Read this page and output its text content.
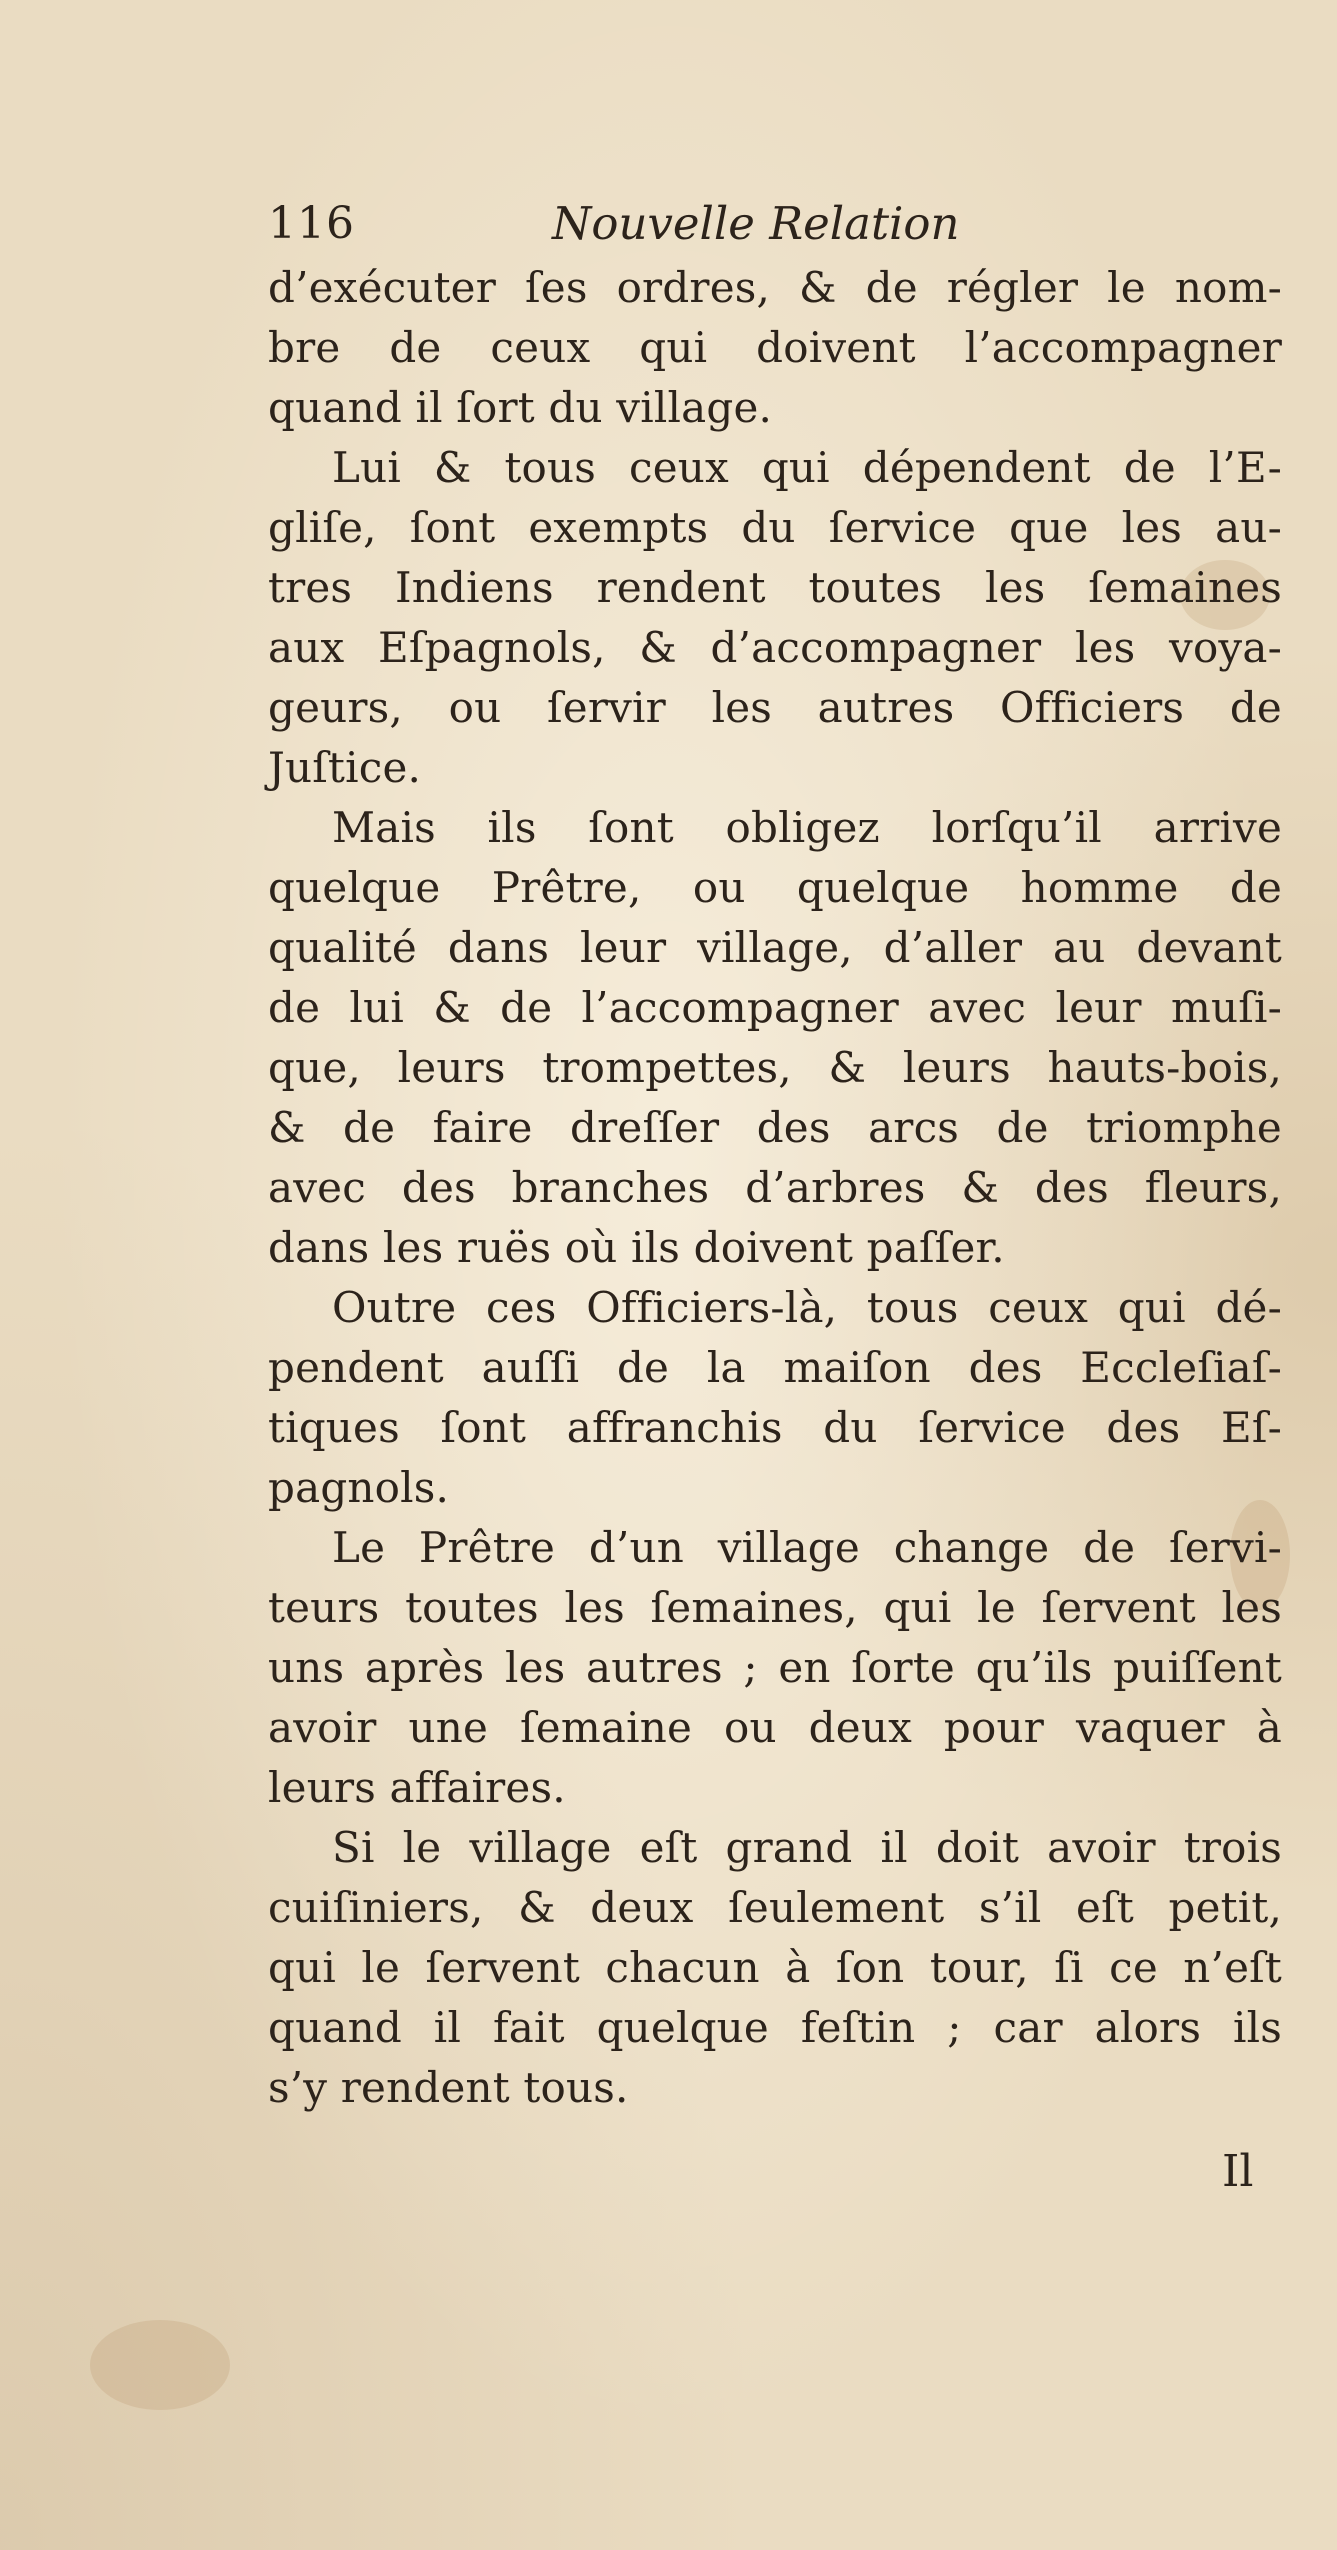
116	Nouvelle Relation
d’exécuter ſes ordres, & de régler le nom-
bre de ceux qui doivent l’accompagner
quand il ſort du village.
Lui & tous ceux qui dépendent de l’E-
gliſe, ſont exempts du ſervice que les au-
tres Indiens rendent toutes les ſemaines
aux Eſpagnols, & d’accompagner les voya-
geurs, ou ſervir les autres Officiers de
Juſtice.
Mais ils ſont obligez lorſqu’il arrive
quelque Prêtre, ou quelque homme de
qualité dans leur village, d’aller au devant
de lui & de l’accompagner avec leur muſi-
que, leurs trompettes, & leurs hauts-bois,
& de faire dreſſer des arcs de triomphe
avec des branches d’arbres & des fleurs,
dans les ruës où ils doivent paſſer.
Outre ces Officiers-là, tous ceux qui dé-
pendent auſſi de la maiſon des Eccleſiaſ-
tiques ſont affranchis du ſervice des Eſ-
pagnols.
Le Prêtre d’un village change de ſervi-
teurs toutes les ſemaines, qui le ſervent les
uns après les autres ; en ſorte qu’ils puiſſent
avoir une ſemaine ou deux pour vaquer à
leurs affaires.
Si le village eſt grand il doit avoir trois
cuiſiniers, & deux ſeulement s’il eſt petit,
qui le ſervent chacun à ſon tour, ſi ce n’eſt
quand il fait quelque feſtin ; car alors ils
s’y rendent tous.
Il
